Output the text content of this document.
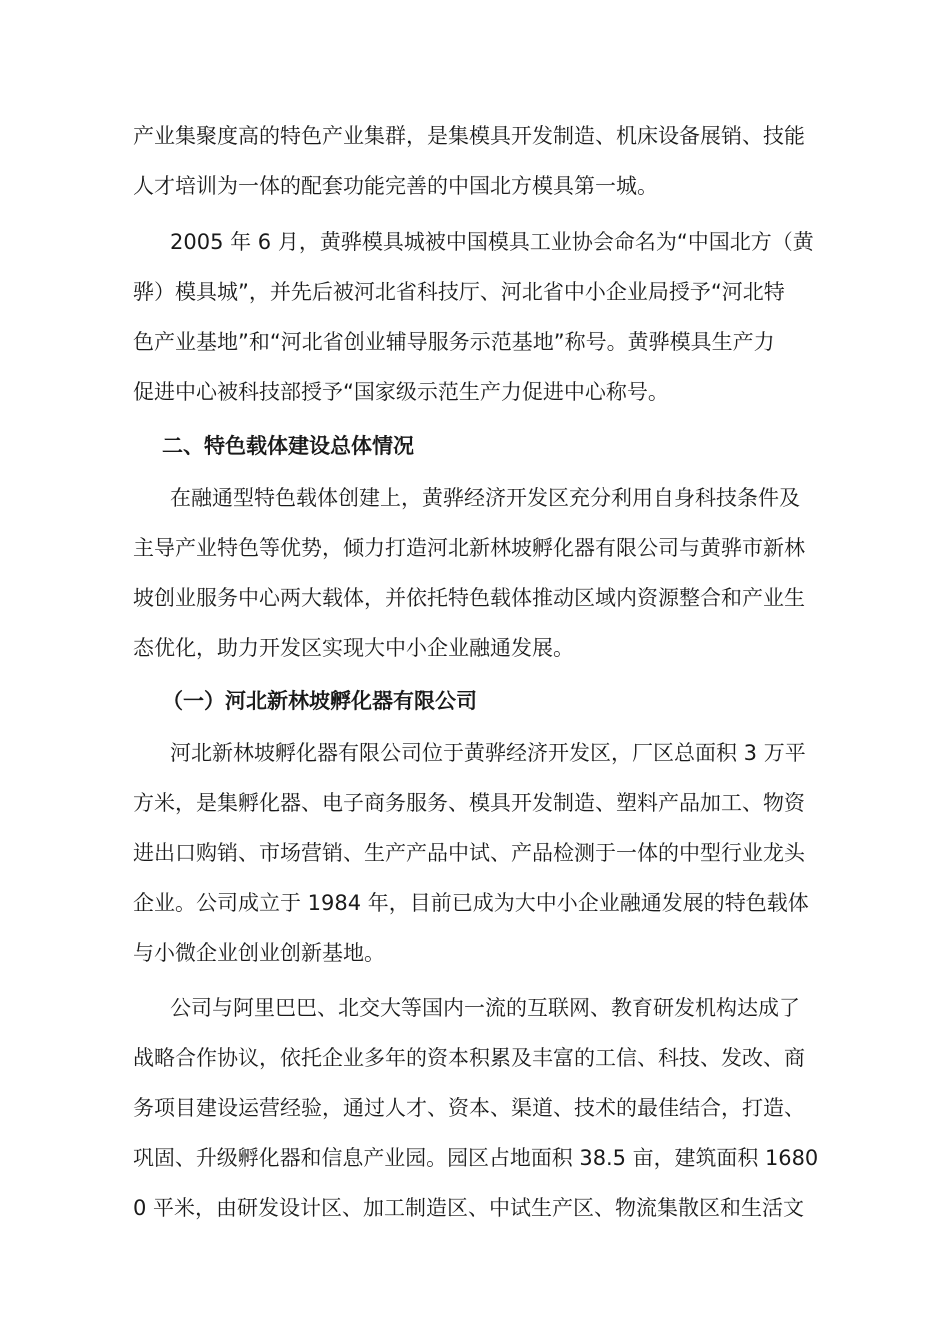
产业集聚度高的特色产业集群，是集模具开发制造、机床设备展销、技能
人才培训为一体的配套功能完善的中国北方模具第一城。
2005 年 6 月，黄骅模具城被中国模具工业协会命名为“中国北方（黄
骅）模具城”，并先后被河北省科技厅、河北省中小企业局授予“河北特
色产业基地”和“河北省创业辅导服务示范基地”称号。黄骅模具生产力
促进中心被科技部授予“国家级示范生产力促进中心称号。
二、特色载体建设总体情况
在融通型特色载体创建上，黄骅经济开发区充分利用自身科技条件及
主导产业特色等优势，倾力打造河北新林坡孵化器有限公司与黄骅市新林
坡创业服务中心两大载体，并依托特色载体推动区域内资源整合和产业生
态优化，助力开发区实现大中小企业融通发展。
（一）河北新林坡孵化器有限公司
河北新林坡孵化器有限公司位于黄骅经济开发区，厂区总面积 3 万平
方米，是集孵化器、电子商务服务、模具开发制造、塑料产品加工、物资
进出口购销、市场营销、生产产品中试、产品检测于一体的中型行业龙头
企业。公司成立于 1984 年，目前已成为大中小企业融通发展的特色载体
与小微企业创业创新基地。
公司与阿里巴巴、北交大等国内一流的互联网、教育研发机构达成了
战略合作协议，依托企业多年的资本积累及丰富的工信、科技、发改、商
务项目建设运营经验，通过人才、资本、渠道、技术的最佳结合，打造、
巩固、升级孵化器和信息产业园。园区占地面积 38.5 亩，建筑面积 1680
0 平米，由研发设计区、加工制造区、中试生产区、物流集散区和生活文
